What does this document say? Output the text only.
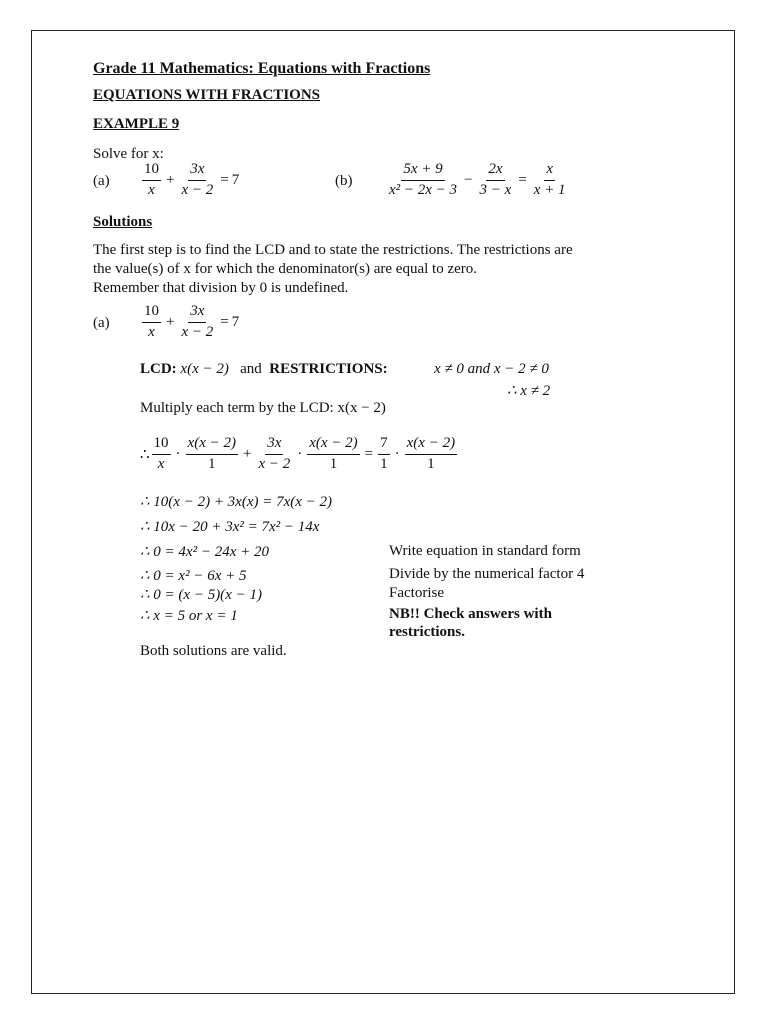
Grade 11 Mathematics: Equations with Fractions
EQUATIONS WITH FRACTIONS
EXAMPLE 9
Solve for x:
$(a) \frac{10}{x} + \frac{3x}{x - 2} = 7$	$(b) \frac{5x + 9}{\text{x² − 2x − 3}} - \frac{2x}{3 - x} = \frac{x}{x + 1}$
Solutions
The first step is to find the LCD and to state the restrictions. The restrictions are
the value(s) of x for which the denominator(s) are equal to zero.
Remember that division by 0 is undefined.
$(a) \frac{10}{x} + \frac{3x}{x - 2} = 7$
LCD: x(x − 2) and RESTRICTIONS:	x ≠ 0 and x − 2 ≠ 0
∴ x ≠ 2
Multiply each term by the LCD: x(x − 2)
∴ $\frac{10}{x} \cdot \frac{x(x - 2)}{1} + \frac{3x}{x - 2} \cdot \frac{x(x - 2)}{1} = \frac{7}{1} \cdot \frac{x(x - 2)}{1}$
∴ 10(x − 2) + 3x(x) = 7x(x − 2)
∴ 10x − 20 + 3x² = 7x² − 14x
∴ 0 = 4x² − 24x + 20
∴ 0 = x² − 6x + 5
∴ 0 = (x − 5)(x − 1)
∴ x = 5 or x = 1
Write equation in standard form
Divide by the numerical factor 4
Factorise
NB!! Check answers with
restrictions.
Both solutions are valid.
